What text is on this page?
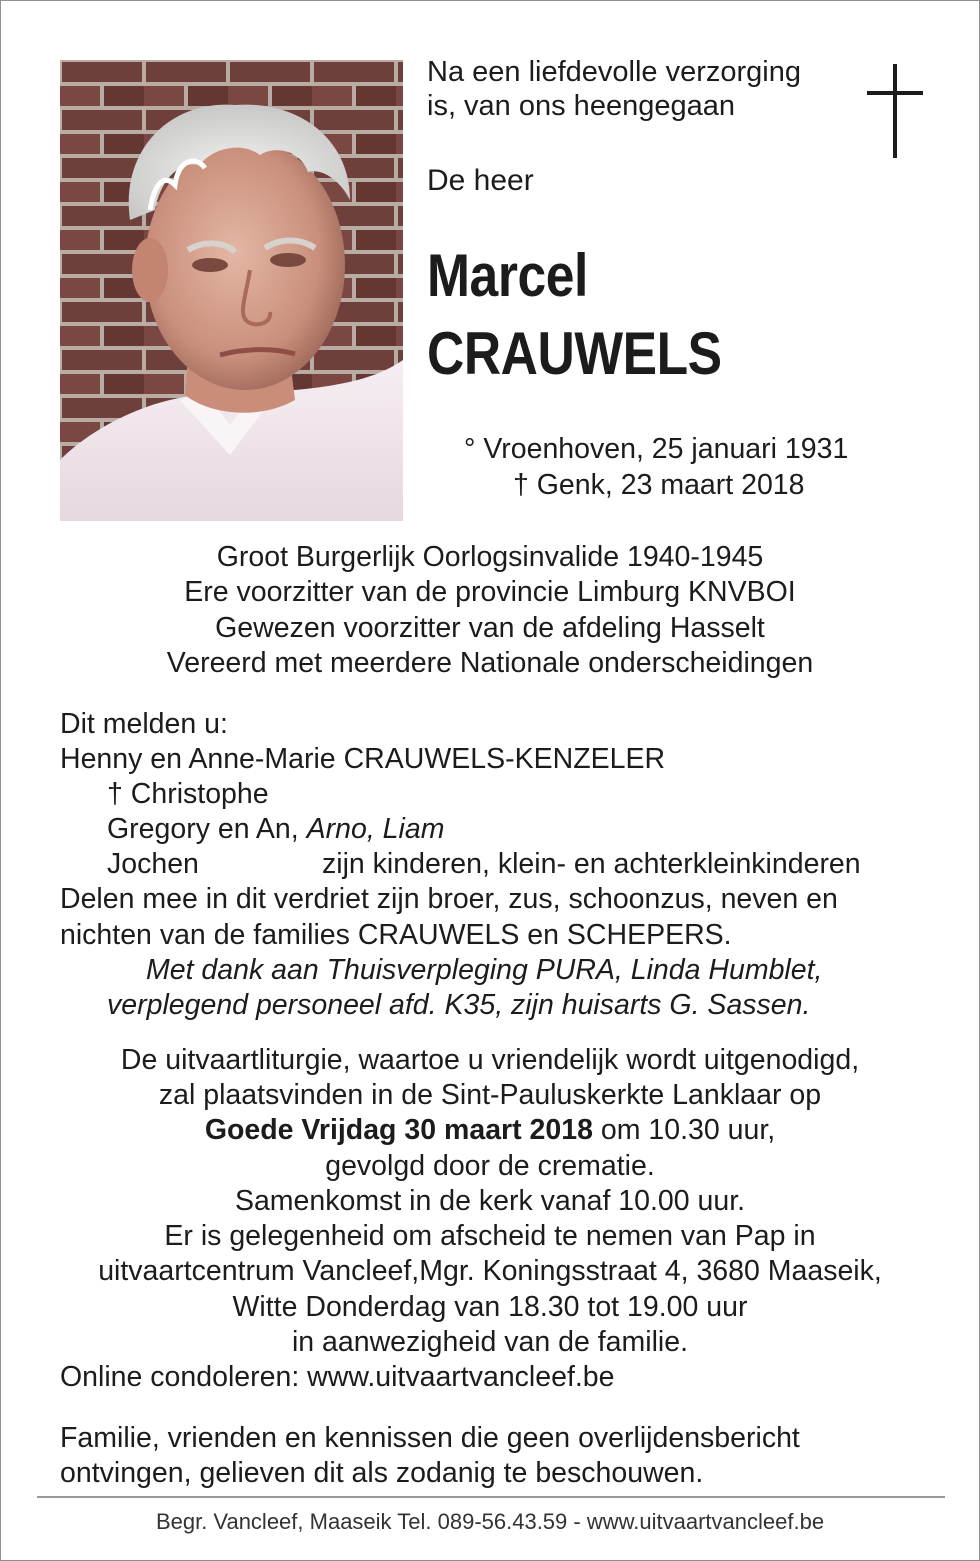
Na een liefdevolle verzorging
is, van ons heengegaan
De heer
Marcel
CRAUWELS
° Vroenhoven, 25 januari 1931
† Genk, 23 maart 2018
Groot Burgerlijk Oorlogsinvalide 1940-1945
Ere voorzitter van de provincie Limburg KNVBOI
Gewezen voorzitter van de afdeling Hasselt
Vereerd met meerdere Nationale onderscheidingen
Dit melden u:
Henny en Anne-Marie CRAUWELS-KENZELER
† Christophe
Gregory en An, Arno, Liam
Jochen	zijn kinderen, klein- en achterkleinkinderen
Delen mee in dit verdriet zijn broer, zus, schoonzus, neven en
nichten van de families CRAUWELS en SCHEPERS.
Met dank aan Thuisverpleging PURA, Linda Humblet,
verplegend personeel afd. K35, zijn huisarts G. Sassen.
De uitvaartliturgie, waartoe u vriendelijk wordt uitgenodigd,
zal plaatsvinden in de Sint-Pauluskerkte Lanklaar op
Goede Vrijdag 30 maart 2018 om 10.30 uur,
gevolgd door de crematie.
Samenkomst in de kerk vanaf 10.00 uur.
Er is gelegenheid om afscheid te nemen van Pap in
uitvaartcentrum Vancleef,Mgr. Koningsstraat 4, 3680 Maaseik,
Witte Donderdag van 18.30 tot 19.00 uur
in aanwezigheid van de familie.
Online condoleren: www.uitvaartvancleef.be
Familie, vrienden en kennissen die geen overlijdensbericht
ontvingen, gelieven dit als zodanig te beschouwen.
Begr. Vancleef, Maaseik Tel. 089-56.43.59 - www.uitvaartvancleef.be
